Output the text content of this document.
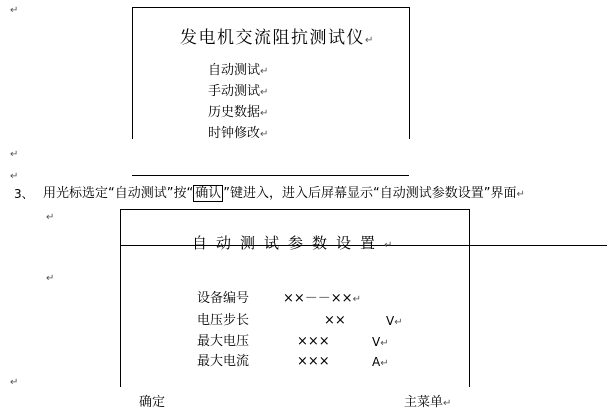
↵
↵
↵
↵
↵
↵
发电机交流阻抗测试仪↵
自动测试↵
手动测试↵
历史数据↵
时钟修改↵
3、 用光标选定“自动测试”按“ 确认 ”键进入，进入后屏幕显示“自动测试参数设置”界面↵
自动测试参数设置↵
设备编号	××－－××↵
电压步长	××	V↵
最大电压	×××	V↵
最大电流	×××	A↵
确定	主菜单↵
